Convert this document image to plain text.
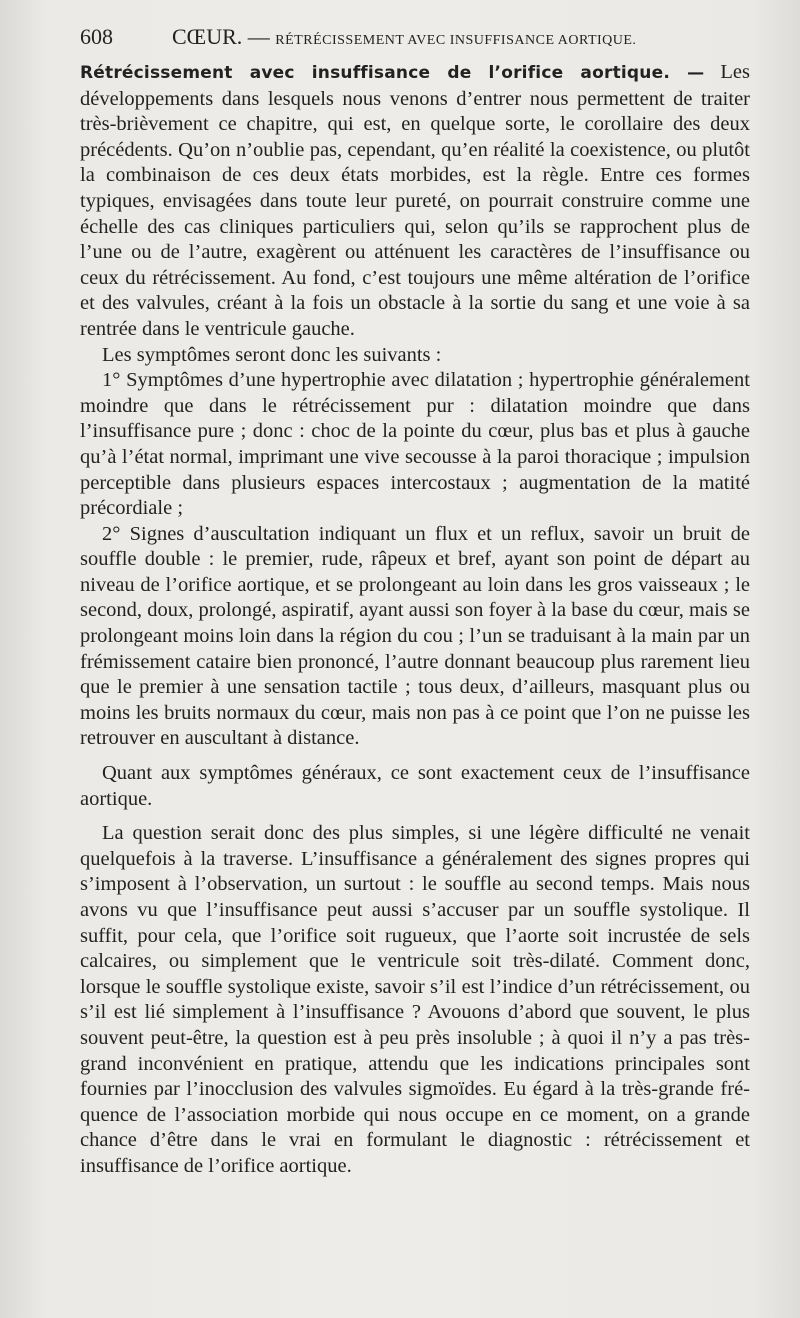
608	CŒUR. — RÉTRÉCISSEMENT AVEC INSUFFISANCE AORTIQUE.

Rétrécissement avec insuffisance de l’orifice aortique. — Les développements dans lesquels nous venons d’entrer nous permettent de traiter très-brièvement ce chapitre, qui est, en quelque sorte, le corollaire des deux précédents. Qu’on n’oublie pas, cependant, qu’en réalité la coexistence, ou plutôt la combinaison de ces deux états morbides, est la règle. Entre ces formes typiques, envisagées dans toute leur pureté, on pourrait construire comme une échelle des cas cliniques particuliers qui, selon qu’ils se rapprochent plus de l’une ou de l’autre, exagèrent ou atténuent les caractères de l’insuffisance ou ceux du rétrécissement. Au fond, c’est toujours une même altération de l’orifice et des valvules, créant à la fois un obstacle à la sortie du sang et une voie à sa rentrée dans le ventricule gauche.

Les symptômes seront donc les suivants :

1° Symptômes d’une hypertrophie avec dilatation ; hypertrophie généralement moindre que dans le rétrécissement pur : dilatation moindre que dans l’insuffisance pure ; donc : choc de la pointe du cœur, plus bas et plus à gauche qu’à l’état normal, imprimant une vive secousse à la paroi thoracique ; impulsion perceptible dans plusieurs espaces intercostaux ; augmentation de la matité précordiale ;

2° Signes d’auscultation indiquant un flux et un reflux, savoir un bruit de souffle double : le premier, rude, râpeux et bref, ayant son point de départ au niveau de l’orifice aortique, et se prolongeant au loin dans les gros vaisseaux ; le second, doux, prolongé, aspiratif, ayant aussi son foyer à la base du cœur, mais se prolongeant moins loin dans la région du cou ; l’un se traduisant à la main par un frémissement cataire bien prononcé, l’autre donnant beaucoup plus rarement lieu que le premier à une sensation tactile ; tous deux, d’ailleurs, masquant plus ou moins les bruits normaux du cœur, mais non pas à ce point que l’on ne puisse les retrouver en auscultant à distance.

Quant aux symptômes généraux, ce sont exactement ceux de l’insuffisance aortique.

La question serait donc des plus simples, si une légère difficulté ne venait quelquefois à la traverse. L’insuffisance a généralement des signes propres qui s’imposent à l’observation, un surtout : le souffle au second temps. Mais nous avons vu que l’insuffisance peut aussi s’accuser par un souffle systolique. Il suffit, pour cela, que l’orifice soit rugueux, que l’aorte soit incrustée de sels calcaires, ou simplement que le ventricule soit très-dilaté. Comment donc, lorsque le souffle systolique existe, savoir s’il est l’indice d’un rétrécissement, ou s’il est lié simplement à l’insuffisance ? Avouons d’abord que souvent, le plus souvent peut-être, la question est à peu près insoluble ; à quoi il n’y a pas très-grand inconvénient en pratique, attendu que les indications principales sont fournies par l’inocclusion des valvules sigmoïdes. Eu égard à la très-grande fréquence de l’association morbide qui nous occupe en ce moment, on a grande chance d’être dans le vrai en formulant le diagnostic : rétrécissement et insuffisance de l’orifice aortique.
